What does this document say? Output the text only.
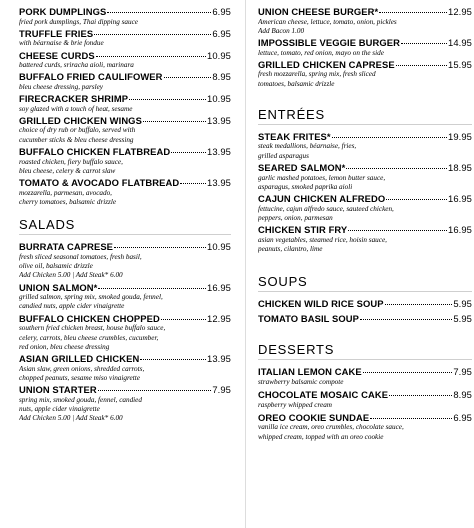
PORK DUMPLINGS	6.95
fried pork dumplings, Thai dipping sauce
TRUFFLE FRIES	6.95
with béarnaise & brie fondue
CHEESE CURDS	10.95
battered curds, sriracha aioli, marinara
BUFFALO FRIED CAULIFOWER	8.95
bleu cheese dressing, parsley
FIRECRACKER SHRIMP	10.95
soy glazed with a touch of heat, sesame
GRILLED CHICKEN WINGS	13.95
choice of dry rub or buffalo, served with
cucumber sticks & bleu cheese dressing
BUFFALO CHICKEN FLATBREAD	13.95
roasted chicken, fiery buffalo sauce,
bleu cheese, celery & carrot slaw
TOMATO & AVOCADO FLATBREAD	13.95
mozzarella, parmesan, avocado,
cherry tomatoes, balsamic drizzle
SALADS
BURRATA CAPRESE	10.95
fresh sliced seasonal tomatoes, fresh basil,
olive oil, balsamic drizzle
Add Chicken 5.00 | Add Steak* 6.00
UNION SALMON*	16.95
grilled salmon, spring mix, smoked gouda, fennel,
candied nuts, apple cider vinaigrette
BUFFALO CHICKEN CHOPPED	12.95
southern fried chicken breast, house buffalo sauce,
celery, carrots, bleu cheese crumbles, cucumber,
red onion, bleu cheese dressing
ASIAN GRILLED CHICKEN	13.95
Asian slaw, green onions, shredded carrots,
chopped peanuts, sesame miso vinaigrette
UNION STARTER	7.95
spring mix, smoked gouda, fennel, candied
nuts, apple cider vinaigrette
Add Chicken 5.00 | Add Steak* 6.00
UNION CHEESE BURGER*	12.95
American cheese, lettuce, tomato, onion, pickles
Add Bacon 1.00
IMPOSSIBLE VEGGIE BURGER	14.95
lettuce, tomato, red onion, mayo on the side
GRILLED CHICKEN CAPRESE	15.95
fresh mozzarella, spring mix, fresh sliced
tomatoes, balsamic drizzle
ENTRÉES
STEAK FRITES*	19.95
steak medallions, béarnaise, fries,
grilled asparagus
SEARED SALMON*	18.95
garlic mashed potatoes, lemon butter sauce,
asparagus, smoked paprika aioli
CAJUN CHICKEN ALFREDO	16.95
fettucine, cajun alfredo sauce, sauteed chicken,
peppers, onion, parmesan
CHICKEN STIR FRY	16.95
asian vegetables, steamed rice, hoisin sauce,
peanuts, cilantro, lime
SOUPS
CHICKEN WILD RICE SOUP	5.95
TOMATO BASIL SOUP	5.95
DESSERTS
ITALIAN LEMON CAKE	7.95
strawberry balsamic compote
CHOCOLATE MOSAIC CAKE	8.95
raspberry whipped cream
OREO COOKIE SUNDAE	6.95
vanilla ice cream, oreo crumbles, chocolate sauce,
whipped cream, topped with an oreo cookie
